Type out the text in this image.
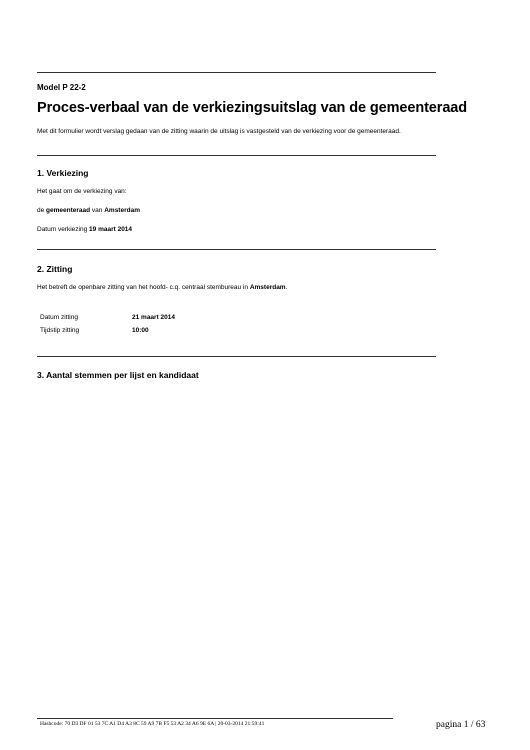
Model P 22-2
Proces-verbaal van de verkiezingsuitslag van de gemeenteraad
Met dit formulier wordt verslag gedaan van de zitting waarin de uitslag is vastgesteld van de verkiezing voor de gemeenteraad.
1. Verkiezing
Het gaat om de verkiezing van:
de gemeenteraad van Amsterdam
Datum verkiezing 19 maart 2014
2. Zitting
Het betreft de openbare zitting van het hoofd- c.q. centraal stembureau in Amsterdam.
Datum zitting	21 maart 2014
Tijdstip zitting	10:00
3. Aantal stemmen per lijst en kandidaat
Hashcode: 70 D3 DF 01 53 7C A1 D4 A3 8C 59 A9 7B F5 53 A2 34 A6 9E 6A | 20-03-2014 21:59:41	pagina 1 / 63
